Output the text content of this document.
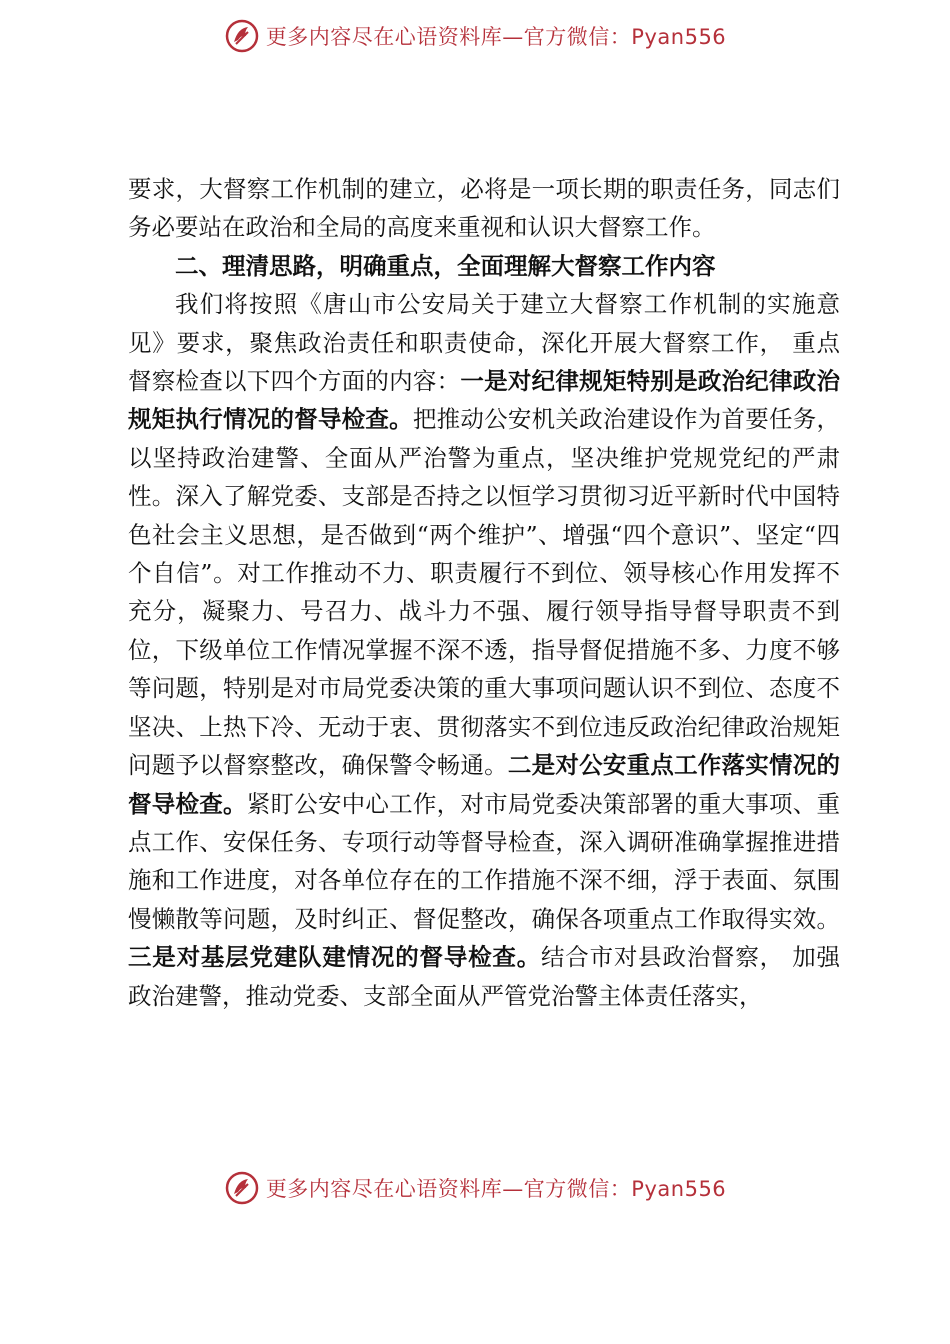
更多内容尽在心语资料库—官方微信：Pyan556

要求，大督察工作机制的建立，必将是一项长期的职责任务，同志们务必要站在政治和全局的高度来重视和认识大督察工作。

二、理清思路，明确重点，全面理解大督察工作内容

我们将按照《唐山市公安局关于建立大督察工作机制的实施意见》要求，聚焦政治责任和职责使命，深化开展大督察工作， 重点督察检查以下四个方面的内容：一是对纪律规矩特别是政治纪律政治规矩执行情况的督导检查。把推动公安机关政治建设作为首要任务，以坚持政治建警、全面从严治警为重点，坚决维护党规党纪的严肃性。深入了解党委、支部是否持之以恒学习贯彻习近平新时代中国特色社会主义思想，是否做到“两个维护”、增强“四个意识”、坚定“四个自信”。对工作推动不力、职责履行不到位、领导核心作用发挥不充分，凝聚力、号召力、战斗力不强、履行领导指导督导职责不到位，下级单位工作情况掌握不深不透，指导督促措施不多、力度不够等问题，特别是对市局党委决策的重大事项问题认识不到位、态度不坚决、上热下冷、无动于衷、贯彻落实不到位违反政治纪律政治规矩问题予以督察整改，确保警令畅通。二是对公安重点工作落实情况的督导检查。紧盯公安中心工作，对市局党委决策部署的重大事项、重点工作、安保任务、专项行动等督导检查，深入调研准确掌握推进措施和工作进度，对各单位存在的工作措施不深不细，浮于表面、氛围慢懒散等问题，及时纠正、督促整改，确保各项重点工作取得实效。三是对基层党建队建情况的督导检查。结合市对县政治督察， 加强政治建警，推动党委、支部全面从严管党治警主体责任落实，

更多内容尽在心语资料库—官方微信：Pyan556
